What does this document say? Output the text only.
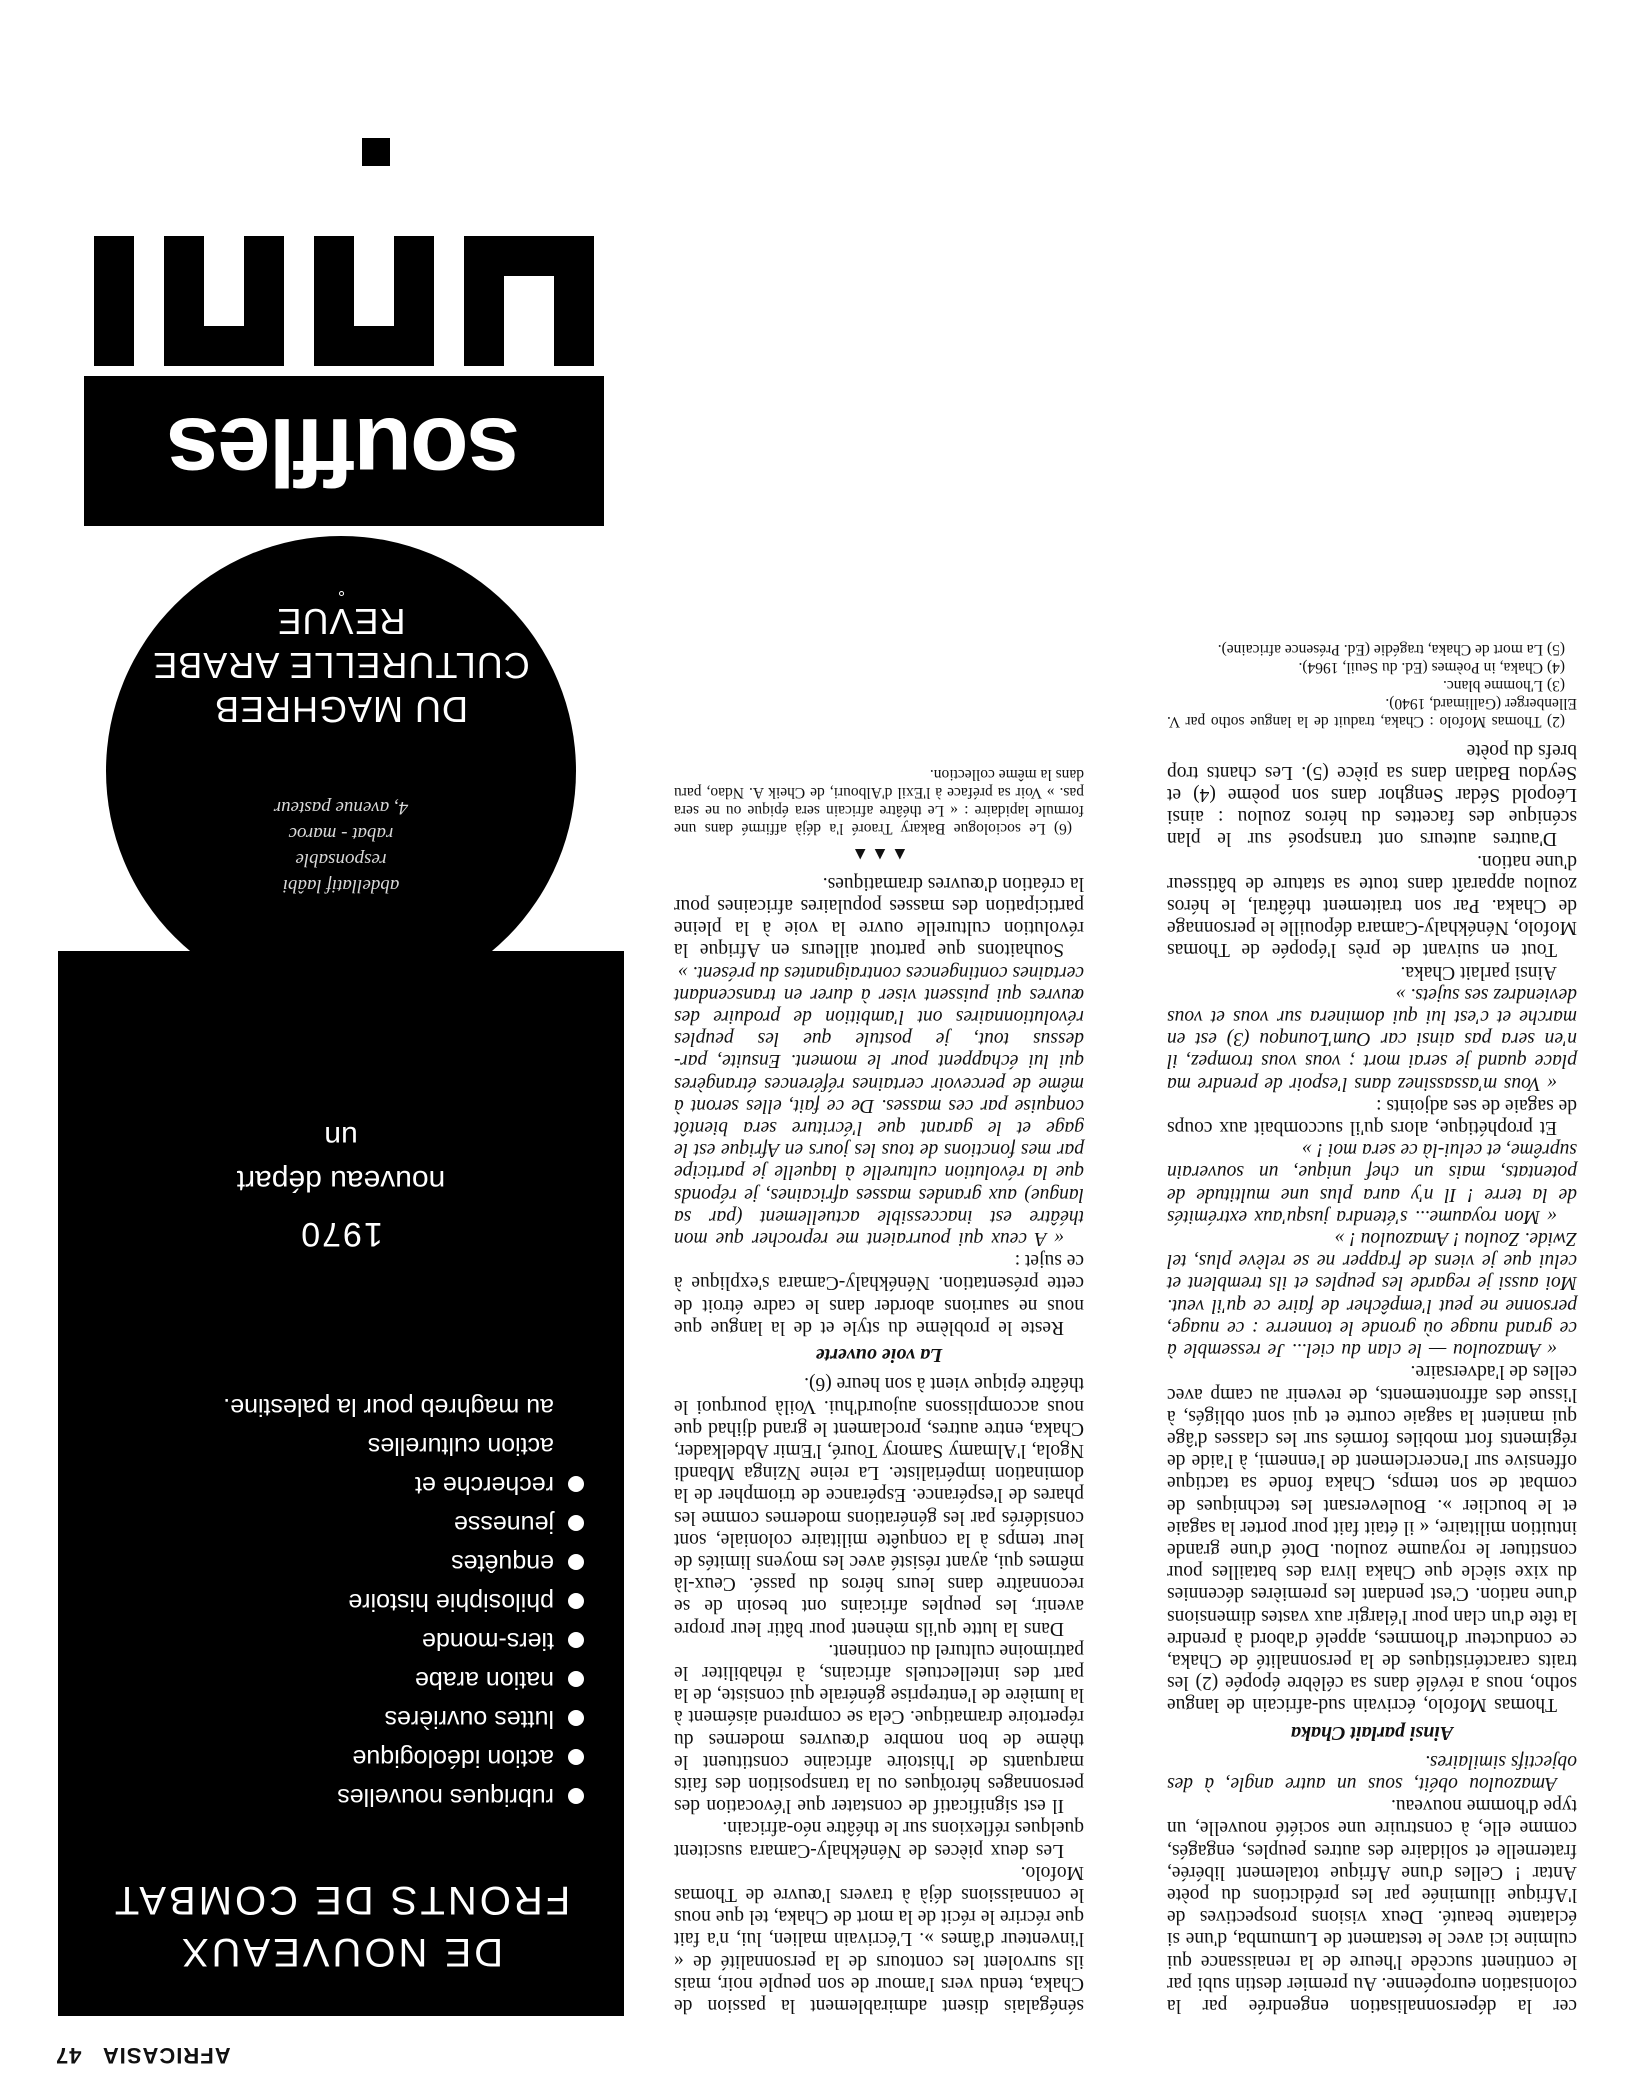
AFRICASIA 47

cer la dépersonnalisation engendrée par la colonisation européenne. Au premier destin subi par le continent succède l'heure de la renaissance qui culmine ici avec le testament de Lumumba, d'une si éclatante beauté. Deux visions prospectives de l'Afrique illuminée par les prédictions du poète Antar ! Celles d'une Afrique totalement libérée, fraternelle et solidaire des autres peuples, engagés, comme elle, à construire une société nouvelle, un type d'homme nouveau.

Amazoulou obéit, sous un autre angle, à des objectifs similaires.

Ainsi parlait Chaka

Thomas Mofolo, écrivain sud-africain de langue sotho, nous a révélé dans sa célèbre épopée (2) les traits caractéristiques de la personnalité de Chaka, ce conducteur d'hommes, appelé d'abord à prendre la tête d'un clan pour l'élargir aux vastes dimensions d'une nation. C'est pendant les premières décennies du xixe siècle que Chaka livra des batailles pour constituer le royaume zoulou. Doté d'une grande intuition militaire, « il était fait pour porter la sagaie et le bouclier ». Bouleversant les techniques de combat de son temps, Chaka fonde sa tactique offensive sur l'encerclement de l'ennemi, à l'aide de régiments fort mobiles formés sur les classes d'âge qui manient la sagaie courte et qui sont obligés, à l'issue des affrontements, de revenir au camp avec celles de l'adversaire.

« Amazoulou — le clan du ciel... Je ressemble à ce grand nuage où gronde le tonnerre : ce nuage, personne ne peut l'empêcher de faire ce qu'il veut. Moi aussi je regarde les peuples et ils tremblent et celui que je viens de frapper ne se relève plus, tel Zwide. Zoulou ! Amazoulou ! »

« Mon royaume... s'étendra jusqu'aux extrémités de la terre ! Il n'y aura plus une multitude de potentats, mais un chef unique, un souverain suprême, et celui-là ce sera moi ! »

Et prophétique, alors qu'il succombait aux coups de sagaie de ses adjoints :

« Vous m'assassinez dans l'espoir de prendre ma place quand je serai mort ; vous vous trompez, il n'en sera pas ainsi car Oum'Lounqou (3) est en marche et c'est lui qui dominera sur vous et vous deviendrez ses sujets. »

Ainsi parlait Chaka.

Tout en suivant de près l'épopée de Thomas Mofolo, Nénékhaly-Camara dépouille le personnage de Chaka. Par son traitement théâtral, le héros zoulou apparaît dans toute sa stature de bâtisseur d'une nation.

D'autres auteurs ont transposé sur le plan scénique des facettes du héros zoulou : ainsi Léopold Sédar Senghor dans son poème (4) et Seydou Badian dans sa pièce (5). Les chants trop brefs du poète

(2) Thomas Mofolo : Chaka, traduit de la langue sotho par V. Ellenberger (Gallimard, 1940).

(3) L'homme blanc.

(4) Chaka, in Poèmes (Ed. du Seuil, 1964).

(5) La mort de Chaka, tragédie (Ed. Présence africaine).

sénégalais disent admirablement la passion de Chaka, tendu vers l'amour de son peuple noir, mais ils survolent les contours de la personnalité de « l'inventeur d'âmes ». L'écrivain malien, lui, n'a fait que récrire le récit de la mort de Chaka, tel que nous le connaissions déjà à travers l'œuvre de Thomas Mofolo.

Les deux pièces de Nénékhaly-Camara suscitent quelques réflexions sur le théâtre néo-africain.

Il est significatif de constater que l'évocation des personnages héroïques ou la transposition des faits marquants de l'histoire africaine constituent le thème de bon nombre d'œuvres modernes du répertoire dramatique. Cela se comprend aisément à la lumière de l'entreprise générale qui consiste, de la part des intellectuels africains, à réhabiliter le patrimoine culturel du continent.

Dans la lutte qu'ils mènent pour bâtir leur propre avenir, les peuples africains ont besoin de se reconnaître dans leurs héros du passé. Ceux-là mêmes qui, ayant résisté avec les moyens limités de leur temps à la conquête militaire coloniale, sont considérés par les générations modernes comme les phares de l'espérance. Espérance de triompher de la domination impérialiste. La reine Nzinga Mbandi Ngola, l'Almamy Samory Touré, l'Emir Abdelkader, Chaka, entre autres, proclament le grand djihad que nous accomplissons aujourd'hui. Voilà pourquoi le théâtre épique vient à son heure (6).

La voie ouverte

Reste le problème du style et de la langue que nous ne saurions aborder dans le cadre étroit de cette présentation. Nénékhaly-Camara s'explique à ce sujet :

« A ceux qui pourraient me reprocher que mon théâtre est inaccessible actuellement (par sa langue) aux grandes masses africaines, je réponds que la révolution culturelle à laquelle je participe par mes fonctions de tous les jours en Afrique est le gage et le garant que l'écriture sera bientôt conquise par ces masses. De ce fait, elles seront à même de percevoir certaines références étrangères qui lui échappent pour le moment. Ensuite, par-dessus tout, je postule que les peuples révolutionnaires ont l'ambition de produire des œuvres qui puissent viser à durer en transcendant certaines contingences contraignantes du présent. »

Souhaitons que partout ailleurs en Afrique la révolution culturelle ouvre la voie à la pleine participation des masses populaires africaines pour la création d'œuvres dramatiques.

▲▲▲

(6) Le sociologue Bakary Traoré l'a déjà affirmé dans une formule lapidaire : « Le théâtre africain sera épique ou ne sera pas. » Voir sa préface à l'Exil d'Albouri, de Cheik A. Ndao, paru dans la même collection.

DE NOUVEAUX
FRONTS DE COMBAT
rubriques nouvelles
action idéologique
luttes ouvrières
nation arabe
tiers-monde
philosiphie histoire
enquêtes
jeunesse
recherche et
action culturelles
au maghreb pour la palestine.
1970
nouveau départ
un
abdellatif laâbi
responsable
rabat - maroc
4, avenue pasteur
DU MAGHREB
CULTURELLE ARABE
REVUE
°
souffles
